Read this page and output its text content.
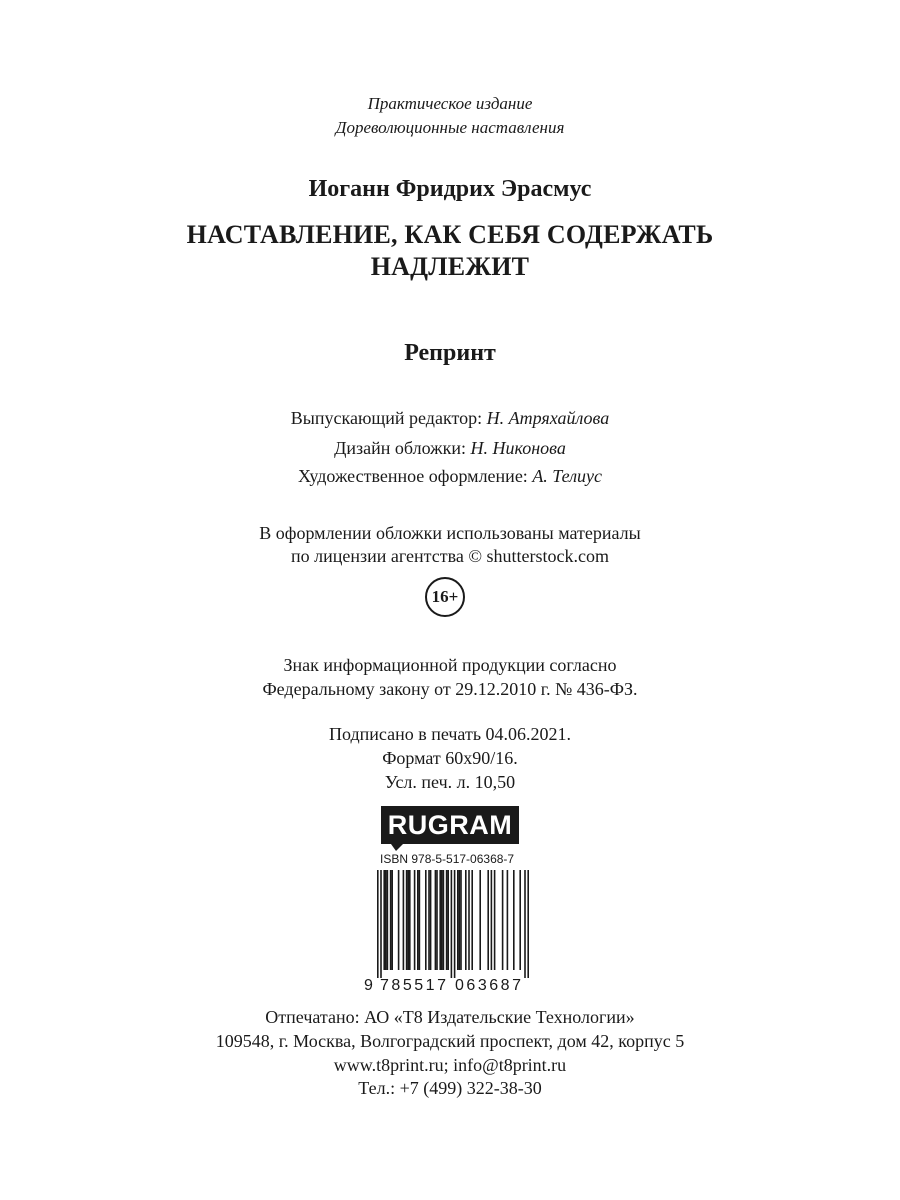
Практическое издание
Дореволюционные наставления
Иоганн Фридрих Эрасмус
НАСТАВЛЕНИЕ, КАК СЕБЯ СОДЕРЖАТЬ
НАДЛЕЖИТ
Репринт
Выпускающий редактор: Н. Атряхайлова
Дизайн обложки: Н. Никонова
Художественное оформление: А. Телиус
В оформлении обложки использованы материалы
по лицензии агентства © shutterstock.com
16+
Знак информационной продукции согласно
Федеральному закону от 29.12.2010 г. № 436-ФЗ.
Подписано в печать 04.06.2021.
Формат 60x90/16.
Усл. печ. л. 10,50
RUGRAM
ISBN 978-5-517-06368-7
9 785517 063687
Отпечатано: АО «Т8 Издательские Технологии»
109548, г. Москва, Волгоградский проспект, дом 42, корпус 5
www.t8print.ru; info@t8print.ru
Тел.: +7 (499) 322-38-30
